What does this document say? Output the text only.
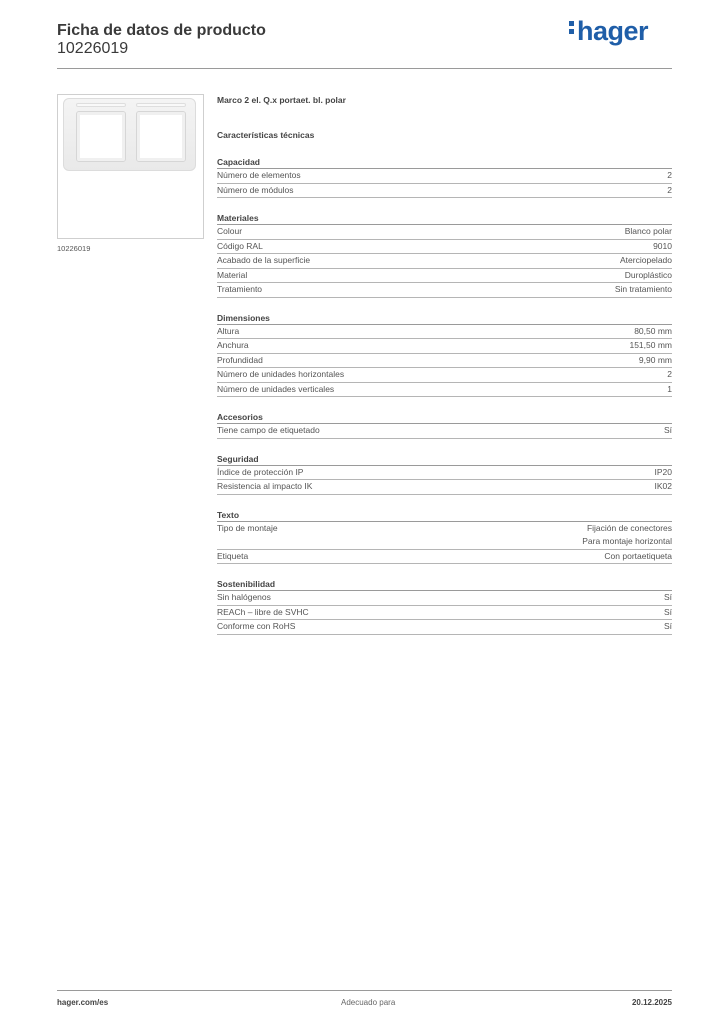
Ficha de datos de producto
10226019
hager
10226019
Marco 2 el. Q.x portaet. bl. polar
Características técnicas
Capacidad
Número de elementos	2
Número de módulos	2
Materiales
Colour	Blanco polar
Código RAL	9010
Acabado de la superficie	Aterciopelado
Material	Duroplástico
Tratamiento	Sin tratamiento
Dimensiones
Altura	80,50 mm
Anchura	151,50 mm
Profundidad	9,90 mm
Número de unidades horizontales	2
Número de unidades verticales	1
Accesorios
Tiene campo de etiquetado	Sí
Seguridad
Índice de protección IP	IP20
Resistencia al impacto IK	IK02
Texto
Tipo de montaje	Fijación de conectores
Para montaje horizontal
Etiqueta	Con portaetiqueta
Sostenibilidad
Sin halógenos	Sí
REACh – libre de SVHC	Sí
Conforme con RoHS	Sí
hager.com/es	Adecuado para	20.12.2025
